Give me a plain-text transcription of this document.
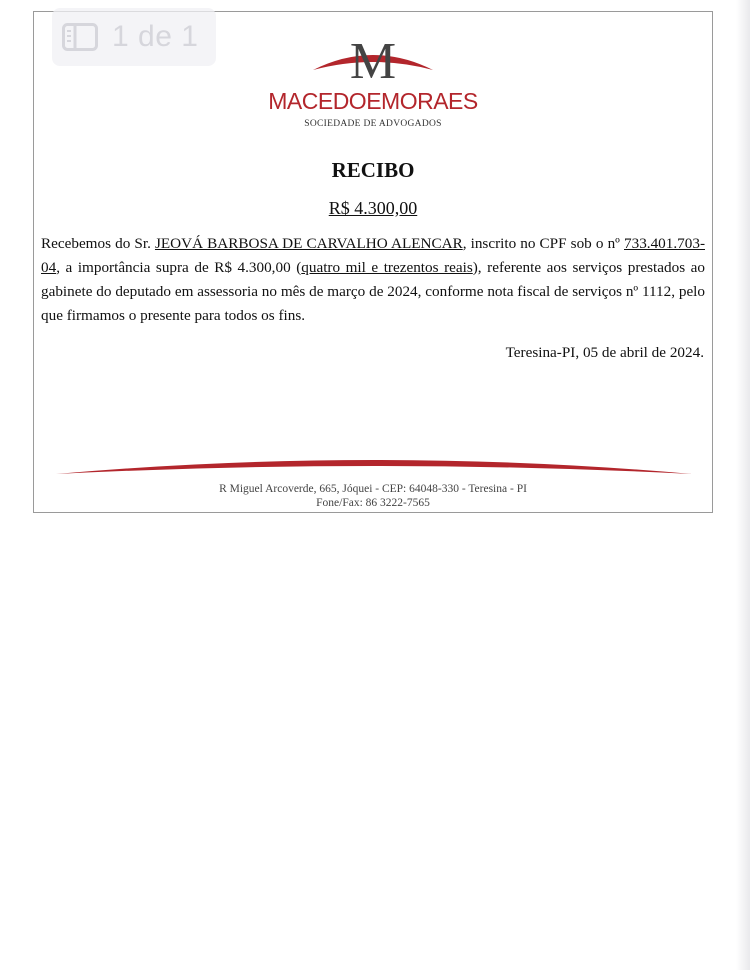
M
MACEDOEMORAES
SOCIEDADE DE ADVOGADOS
RECIBO
R$ 4.300,00
Recebemos do Sr. JEOVÁ BARBOSA DE CARVALHO ALENCAR, inscrito no CPF sob o nº 733.401.703-04, a importância supra de R$ 4.300,00 (quatro mil e trezentos reais), referente aos serviços prestados ao gabinete do deputado em assessoria no mês de março de 2024, conforme nota fiscal de serviços nº 1112, pelo que firmamos o presente para todos os fins.
Teresina-PI, 05 de abril de 2024.
R Miguel Arcoverde, 665, Jóquei - CEP: 64048-330 - Teresina - PI
Fone/Fax: 86 3222-7565
1 de 1
